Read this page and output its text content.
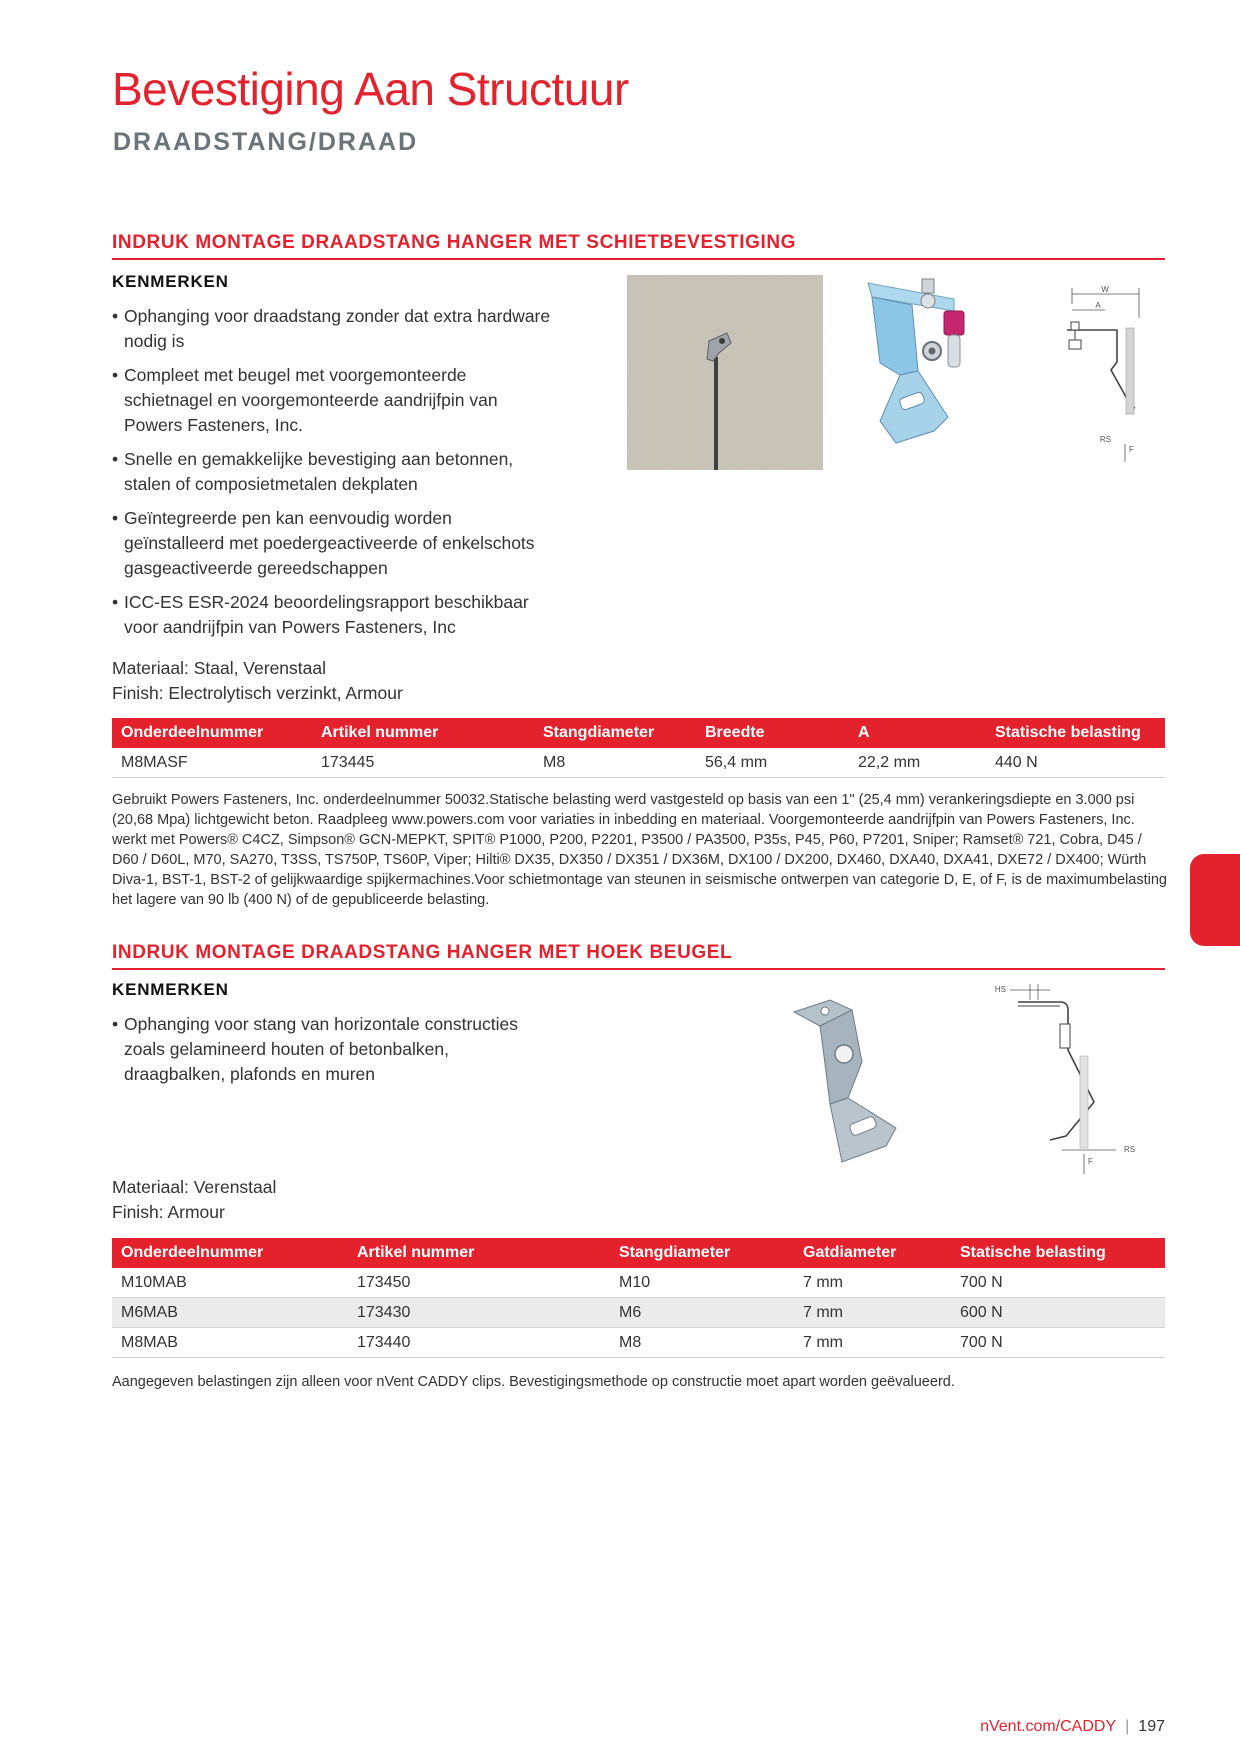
Bevestiging Aan Structuur
DRAADSTANG/DRAAD
INDRUK MONTAGE DRAADSTANG HANGER MET SCHIETBEVESTIGING
KENMERKEN
• Ophanging voor draadstang zonder dat extra hardware nodig is
• Compleet met beugel met voorgemonteerde schietnagel en voorgemonteerde aandrijfpin van Powers Fasteners, Inc.
• Snelle en gemakkelijke bevestiging aan betonnen, stalen of composietmetalen dekplaten
• Geïntegreerde pen kan eenvoudig worden geïnstalleerd met poedergeactiveerde of enkelschots gasgeactiveerde gereedschappen
• ICC-ES ESR-2024 beoordelingsrapport beschikbaar voor aandrijfpin van Powers Fasteners, Inc

Materiaal: Staal, Verenstaal

Finish: Electrolytisch verzinkt, Armour

W
A
RS
F
Onderdeelnummer	Artikel nummer	Stangdiameter	Breedte	A	Statische belasting
M8MASF	173445	M8	56,4 mm	22,2 mm	440 N
Gebruikt Powers Fasteners, Inc. onderdeelnummer 50032.Statische belasting werd vastgesteld op basis van een 1" (25,4 mm) verankeringsdiepte en 3.000 psi (20,68 Mpa) lichtgewicht beton. Raadpleeg www.powers.com voor variaties in inbedding en materiaal. Voorgemonteerde aandrijfpin van Powers Fasteners, Inc. werkt met Powers® C4CZ, Simpson® GCN-MEPKT, SPIT® P1000, P200, P2201, P3500 / PA3500, P35s, P45, P60, P7201, Sniper; Ramset® 721, Cobra, D45 / D60 / D60L, M70, SA270, T3SS, TS750P, TS60P, Viper; Hilti® DX35, DX350 / DX351 / DX36M, DX100 / DX200, DX460, DXA40, DXA41, DXE72 / DX400; Würth Diva-1, BST-1, BST-2 of gelijkwaardige spijkermachines.Voor schietmontage van steunen in seismische ontwerpen van categorie D, E, of F, is de maximumbelasting het lagere van 90 lb (400 N) of de gepubliceerde belasting.
INDRUK MONTAGE DRAADSTANG HANGER MET HOEK BEUGEL
KENMERKEN
• Ophanging voor stang van horizontale constructies zoals gelamineerd houten of betonbalken, draagbalken, plafonds en muren

Materiaal: Verenstaal

Finish: Armour

HS
RS
F
Onderdeelnummer	Artikel nummer	Stangdiameter	Gatdiameter	Statische belasting
M10MAB	173450	M10	7 mm	700 N
M6MAB	173430	M6	7 mm	600 N
M8MAB	173440	M8	7 mm	700 N
Aangegeven belastingen zijn alleen voor nVent CADDY clips. Bevestigingsmethode op constructie moet apart worden geëvalueerd.
nVent.com/CADDY | 197
